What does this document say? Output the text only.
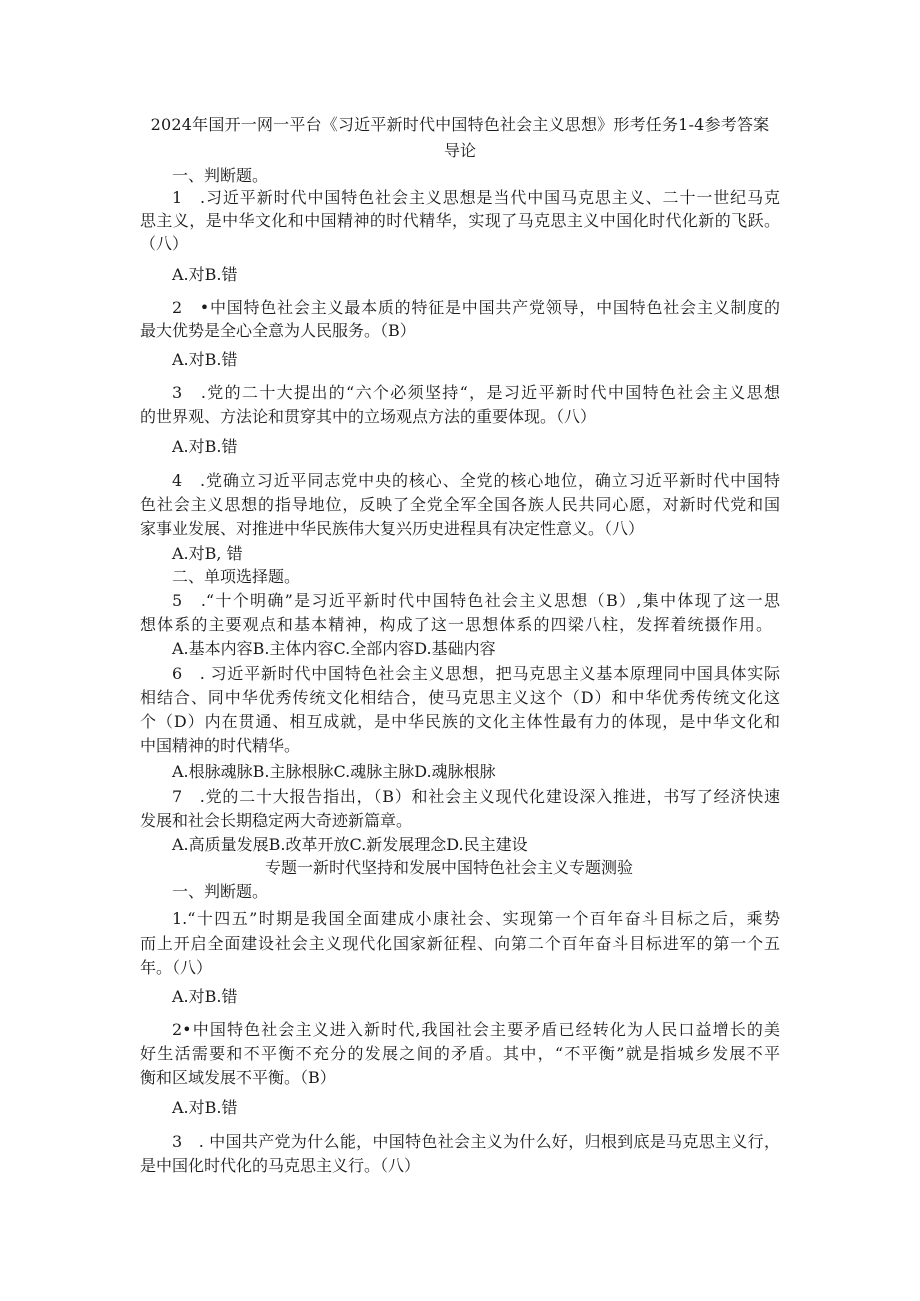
2024年国开一网一平台《习近平新时代中国特色社会主义思想》形考任务1-4参考答案
导论
一、判断题。
1　.习近平新时代中国特色社会主义思想是当代中国马克思主义、二十一世纪马克
思主义，是中华文化和中国精神的时代精华，实现了马克思主义中国化时代化新的飞跃。
（八）
A.对B.错
2　•中国特色社会主义最本质的特征是中国共产党领导，中国特色社会主义制度的
最大优势是全心全意为人民服务。（B）
A.对B.错
3　.党的二十大提出的“六个必须坚持“，是习近平新时代中国特色社会主义思想
的世界观、方法论和贯穿其中的立场观点方法的重要体现。（八）
A.对B.错
4　.党确立习近平同志党中央的核心、全党的核心地位，确立习近平新时代中国特
色社会主义思想的指导地位，反映了全党全军全国各族人民共同心愿，对新时代党和国
家事业发展、对推进中华民族伟大复兴历史进程具有决定性意义。（八）
A.对B, 错
二、单项选择题。
5　.“十个明确”是习近平新时代中国特色社会主义思想（B）,集中体现了这一思
想体系的主要观点和基本精神，构成了这一思想体系的四梁八柱，发挥着统摄作用。
A.基本内容B.主体内容C.全部内容D.基础内容
6　. 习近平新时代中国特色社会主义思想，把马克思主义基本原理同中国具体实际
相结合、同中华优秀传统文化相结合，使马克思主义这个（D）和中华优秀传统文化这
个（D）内在贯通、相互成就，是中华民族的文化主体性最有力的体现，是中华文化和
中国精神的时代精华。
A.根脉魂脉B.主脉根脉C.魂脉主脉D.魂脉根脉
7　.党的二十大报告指出，（B）和社会主义现代化建设深入推进，书写了经济快速
发展和社会长期稳定两大奇迹新篇章。
A.高质量发展B.改革开放C.新发展理念D.民主建设
专题一新时代坚持和发展中国特色社会主义专题测验
一、判断题。
1.“十四五”时期是我国全面建成小康社会、实现第一个百年奋斗目标之后，乘势
而上开启全面建设社会主义现代化国家新征程、向第二个百年奋斗目标进军的第一个五
年。（八）
A.对B.错
2•中国特色社会主义进入新时代,我国社会主要矛盾已经转化为人民口益增长的美
好生活需要和不平衡不充分的发展之间的矛盾。其中，“不平衡”就是指城乡发展不平
衡和区域发展不平衡。（B）
A.对B.错
3　. 中国共产党为什么能，中国特色社会主义为什么好，归根到底是马克思主义行，
是中国化时代化的马克思主义行。（八）
